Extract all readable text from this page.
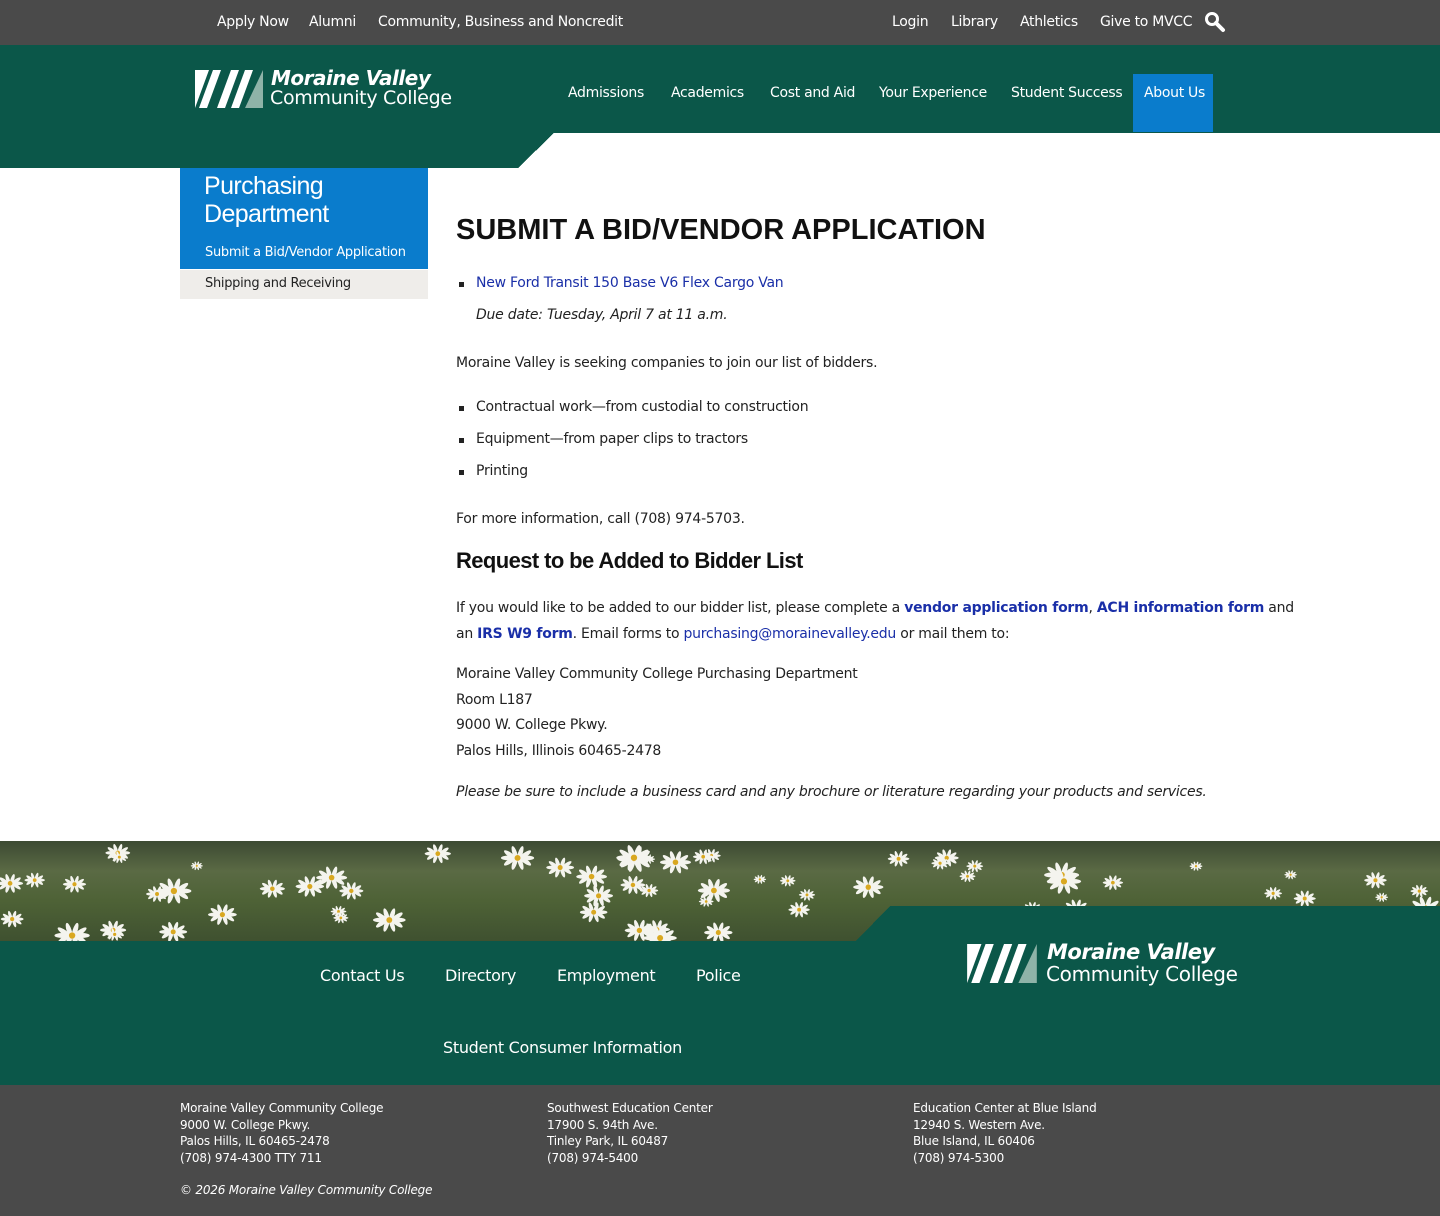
Apply Now Alumni Community, Business and Noncredit	Login Library Athletics Give to MVCC
Moraine Valley
Community College	Admissions Academics Cost and Aid Your Experience Student Success About Us
Purchasing Department
Submit a Bid/Vendor Application
Shipping and Receiving
SUBMIT A BID/VENDOR APPLICATION
New Ford Transit 150 Base V6 Flex Cargo Van
Due date: Tuesday, April 7 at 11 a.m.
Moraine Valley is seeking companies to join our list of bidders.
Contractual work—from custodial to construction
Equipment—from paper clips to tractors
Printing
For more information, call (708) 974-5703.
Request to be Added to Bidder List
If you would like to be added to our bidder list, please complete a vendor application form, ACH information form and
an IRS W9 form. Email forms to purchasing@morainevalley.edu or mail them to:
Moraine Valley Community College Purchasing Department
Room L187
9000 W. College Pkwy.
Palos Hills, Illinois 60465-2478
Please be sure to include a business card and any brochure or literature regarding your products and services.
Moraine Valley
Community College
Contact Us	Directory	Employment	Police
Student Consumer Information
Moraine Valley Community College
9000 W. College Pkwy.
Palos Hills, IL 60465-2478
(708) 974-4300 TTY 711
Southwest Education Center
17900 S. 94th Ave.
Tinley Park, IL 60487
(708) 974-5400
Education Center at Blue Island
12940 S. Western Ave.
Blue Island, IL 60406
(708) 974-5300
© 2026 Moraine Valley Community College
